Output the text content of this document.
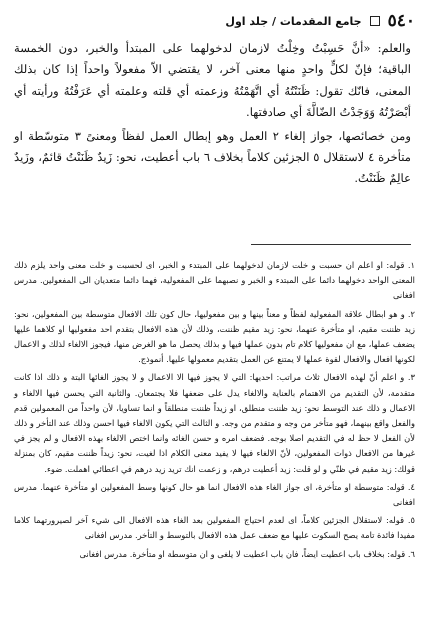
٥٤٠
جامع المقدمات / جلد اول

والعلم: «أنَّ حَسِبْتُ وخِلْتُ لازمان لدخولهما على المبتدأ والخبر، دون الخمسة الباقية؛ فإنّ لكلٍّ واحدٍ منها معنى آخر، لا يقتضي الاّ مفعولاً واحداً إذا كان بذلك المعنى، فانّك تقول: ظَنَنْتُهُ أي اتَّهَمْتُهُ وزعمته أي قلته وعلمته أي عَرَفْتُهُ ورأيته أي أبْصَرْتُهُ وَوَجَدْتُ الضّالَّةَ أي صادفتها.

ومن خصائصها، جواز إلغاء ٢ العمل وهو إبطال العمل لفظاً ومعنىً ٣ متوسّطة او متأخرة ٤ لاستقلال ٥ الجزئين كلاماً بخلاف ٦ باب أعطيت، نحو: زَيدٌ ظَنَنْتُ قائمٌ، وزَيدٌ عالِمٌ ظَنَنْتُ.

١. قوله: او اعلم ان حسبت و خلت لازمان لدخولهما على المبتدء و الخبر، اى لحسبت و خلت معنى واحد يلزم ذلك المعنى الواحد دخولهما دائما على المبتدء و الخبر و نصبهما على المفعولية، فهما دائما متعديان الى المفعولين. مدرس افغانى

٢. و هو ابطال علاقة المفعولية لفظاً و معناً بينها و بين مفعوليها، حال كون تلك الافعال متوسطة بين المفعولين، نحو: زيد ظننت مقيم، او متأخرة عنهما، نحو: زيد مقيم ظننت، وذلك لأن هذه الافعال بتقدم احد مفعوليها او كلاهما عليها يضعف عملها، مع ان مفعوليها كلام تام بدون عملها فيها و بذلك يحصل ما هو الغرض منها، فيجوز الالغاء لذلك و الاعمال لكونها افعال والافعال لقوة عملها لا يمتنع عن العمل بتقديم معمولها عليها. أنموذج.

٣. و اعلم أنّ لهذه الافعال ثلاث مراتب: احديها: التي لا يجوز فيها الا الاعمال و لا يجوز الغائها البتة و ذلك اذا كانت متقدمة، لأن التقديم من الاهتمام بالعناية والالغاء يدل على ضعفها فلا يجتمعان. والثانية التي يحسن فيها الالغاء و الاعمال و ذلك عند التوسط نحو: زيد ظننت منطلق، او زيداً ظننت منطلقاً و انما تساويا، لأن واحداً من المعمولين قدم والفعل واقع بينهما، فهو متأخر من وجه و متقدم من وجه. و الثالث التي يكون الالغاء فيها احسن وذلك عند التأخر و ذلك لأن الفعل لا حظ له في التقديم اصلا بوجه. فضعف امره و حسن الغائه وانما اختص الالغاء بهذه الافعال و لم يجز في غيرها من الافعال ذوات المفعولين، لأنّ الالغاء فيها لا يفيد معنى الكلام اذا لغيت، نحو: زيداً ظننت مقيم، كان بمنزلة قولك: زيد مقيم في ظنّي و لو قلت: زيد أعطيت درهم، و زعمت انك تريد زيد درهم في اعطائي اهملت. ضوء.

٤. قوله: متوسطة او متأخرة، اى جواز الغاء هذه الافعال انما هو حال كونها وسط المفعولين او متأخرة عنهما. مدرس افغانى

٥. قوله: لاستقلال الجزئين كلاماً، اى لعدم احتياج المفعولين بعد الغاء هذه الافعال الى شيء آخر لصيرورتهما كلاما مفيدا فائدة تامة يصح السكوت عليها مع ضعف عمل هذه الافعال بالتوسط و التأخر. مدرس افغانى

٦. قوله: بخلاف باب اعطيت ايضاً، فان باب اعطيت لا يلغى و ان متوسطة او متأخرة. مدرس افغانى
